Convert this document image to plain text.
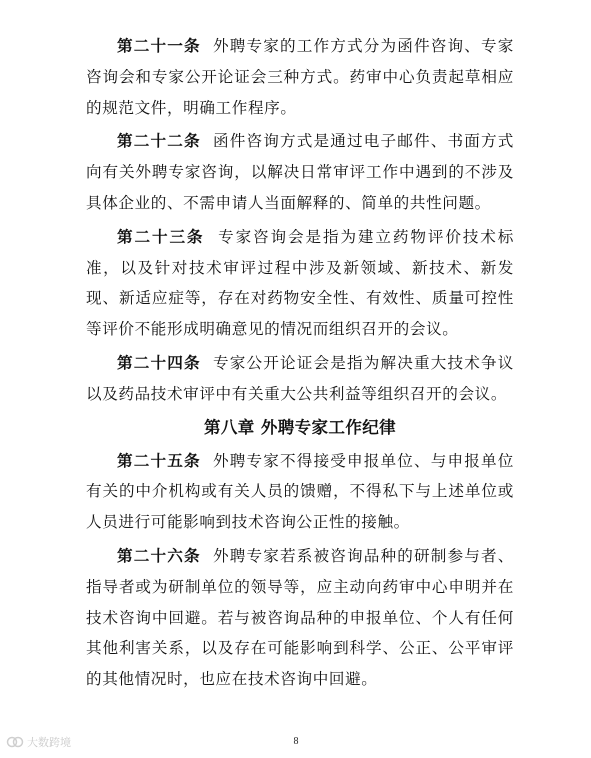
第二十一条 外聘专家的工作方式分为函件咨询、专家咨询会和专家公开论证会三种方式。药审中心负责起草相应的规范文件，明确工作程序。

第二十二条 函件咨询方式是通过电子邮件、书面方式向有关外聘专家咨询，以解决日常审评工作中遇到的不涉及具体企业的、不需申请人当面解释的、简单的共性问题。

第二十三条 专家咨询会是指为建立药物评价技术标准，以及针对技术审评过程中涉及新领域、新技术、新发现、新适应症等，存在对药物安全性、有效性、质量可控性等评价不能形成明确意见的情况而组织召开的会议。

第二十四条 专家公开论证会是指为解决重大技术争议以及药品技术审评中有关重大公共利益等组织召开的会议。

第八章 外聘专家工作纪律

第二十五条 外聘专家不得接受申报单位、与申报单位有关的中介机构或有关人员的馈赠，不得私下与上述单位或人员进行可能影响到技术咨询公正性的接触。

第二十六条 外聘专家若系被咨询品种的研制参与者、指导者或为研制单位的领导等，应主动向药审中心申明并在技术咨询中回避。若与被咨询品种的申报单位、个人有任何其他利害关系，以及存在可能影响到科学、公正、公平审评的其他情况时，也应在技术咨询中回避。

8
大数跨境
